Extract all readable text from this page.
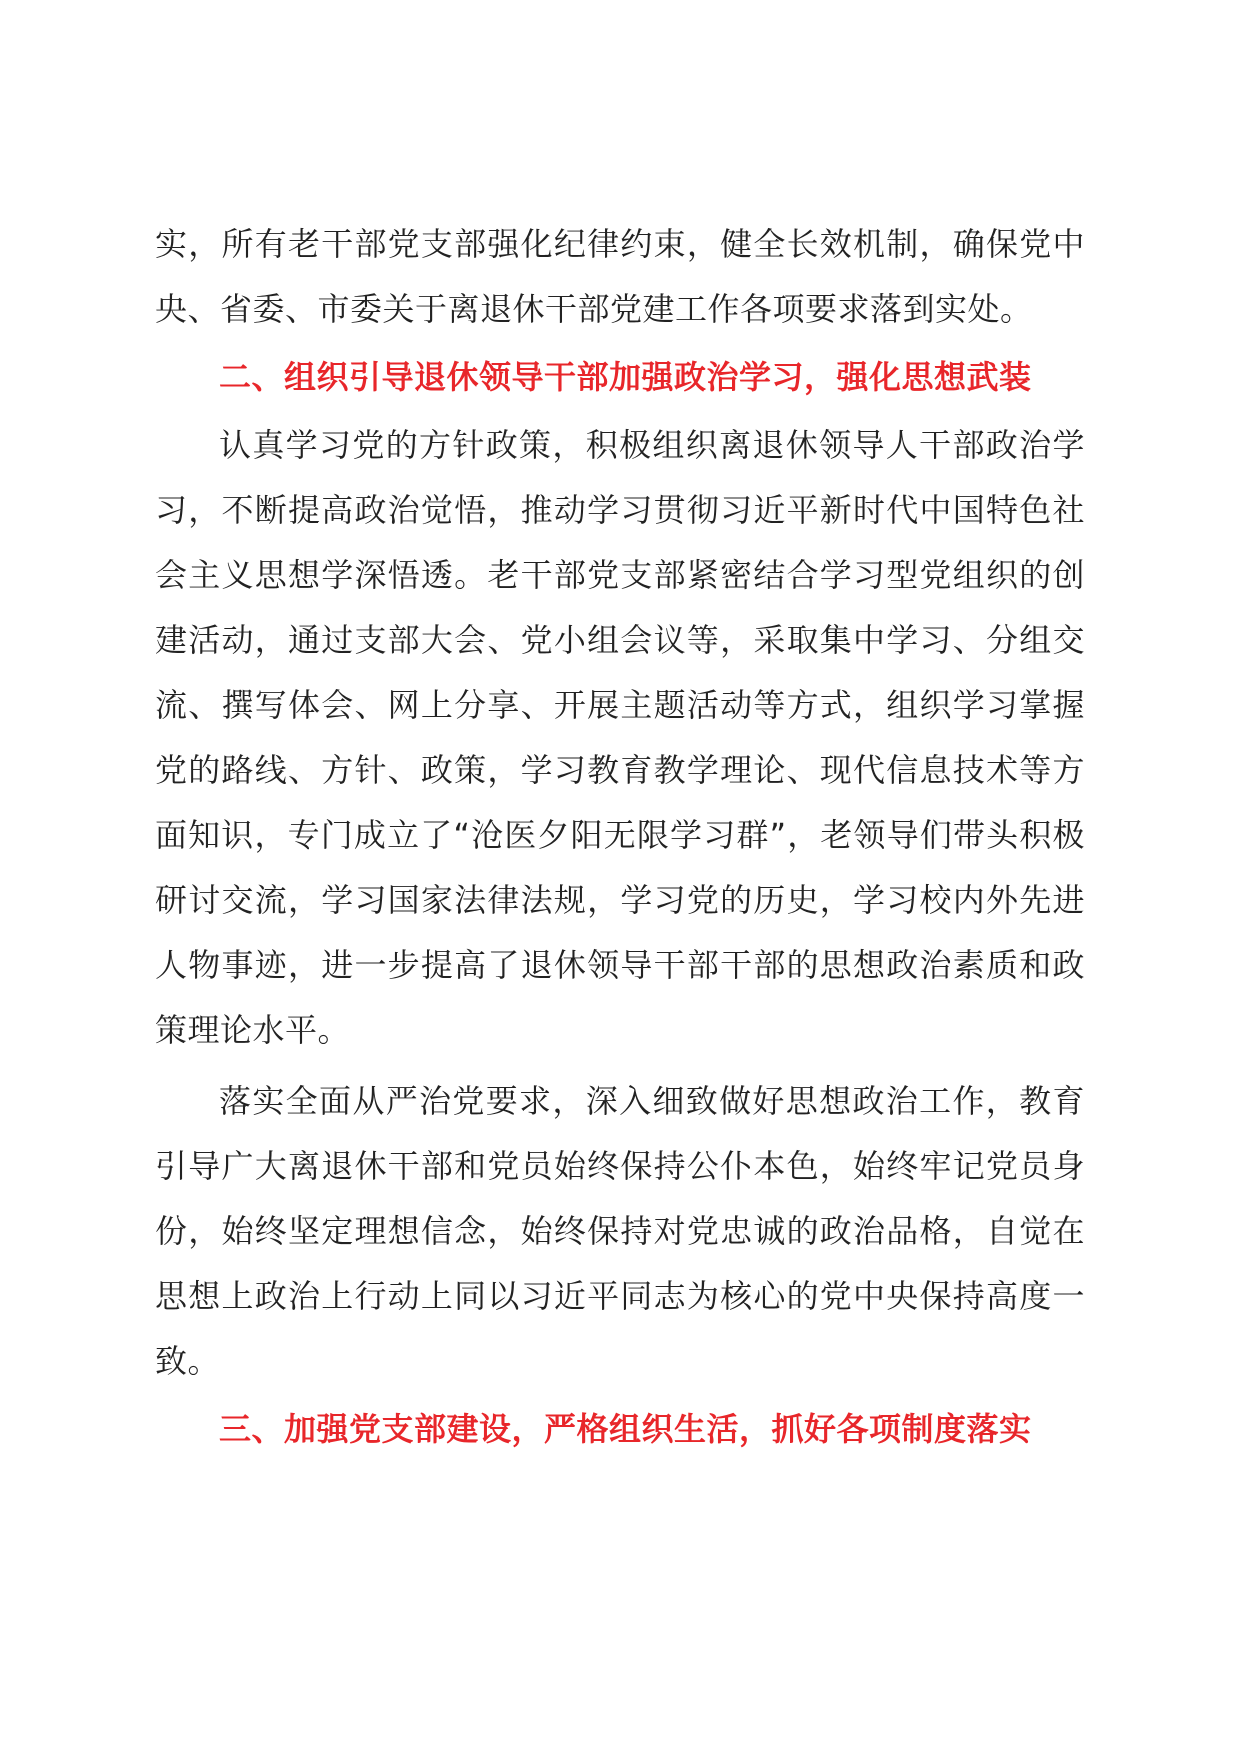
实，所有老干部党支部强化纪律约束，健全长效机制，确保党中央、省委、市委关于离退休干部党建工作各项要求落到实处。

二、组织引导退休领导干部加强政治学习，强化思想武装

认真学习党的方针政策，积极组织离退休领导人干部政治学习，不断提高政治觉悟，推动学习贯彻习近平新时代中国特色社会主义思想学深悟透。老干部党支部紧密结合学习型党组织的创建活动，通过支部大会、党小组会议等，采取集中学习、分组交流、撰写体会、网上分享、开展主题活动等方式，组织学习掌握党的路线、方针、政策，学习教育教学理论、现代信息技术等方面知识，专门成立了“沧医夕阳无限学习群”，老领导们带头积极研讨交流，学习国家法律法规，学习党的历史，学习校内外先进人物事迹，进一步提高了退休领导干部干部的思想政治素质和政策理论水平。

落实全面从严治党要求，深入细致做好思想政治工作，教育引导广大离退休干部和党员始终保持公仆本色，始终牢记党员身份，始终坚定理想信念，始终保持对党忠诚的政治品格，自觉在思想上政治上行动上同以习近平同志为核心的党中央保持高度一致。

三、加强党支部建设，严格组织生活，抓好各项制度落实
